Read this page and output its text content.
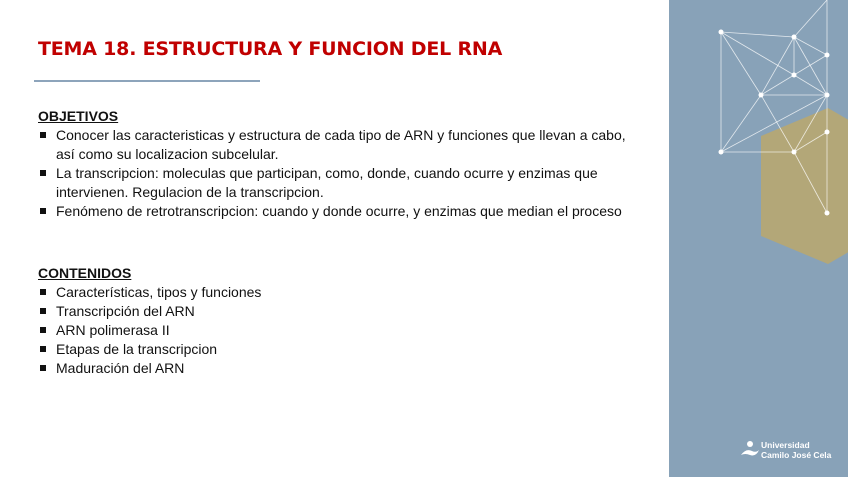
TEMA 18. ESTRUCTURA Y FUNCION DEL RNA
OBJETIVOS
Conocer las caracteristicas y estructura de cada tipo de ARN y funciones que llevan a cabo, así como su localizacion subcelular.
La transcripcion: moleculas que participan, como, donde, cuando ocurre y enzimas que intervienen. Regulacion de la transcripcion.
Fenómeno de retrotranscripcion: cuando y donde ocurre, y enzimas que median el proceso
CONTENIDOS
Características, tipos y funciones
Transcripción del ARN
ARN polimerasa II
Etapas de la transcripcion
Maduración del ARN
Universidad
Camilo José Cela
